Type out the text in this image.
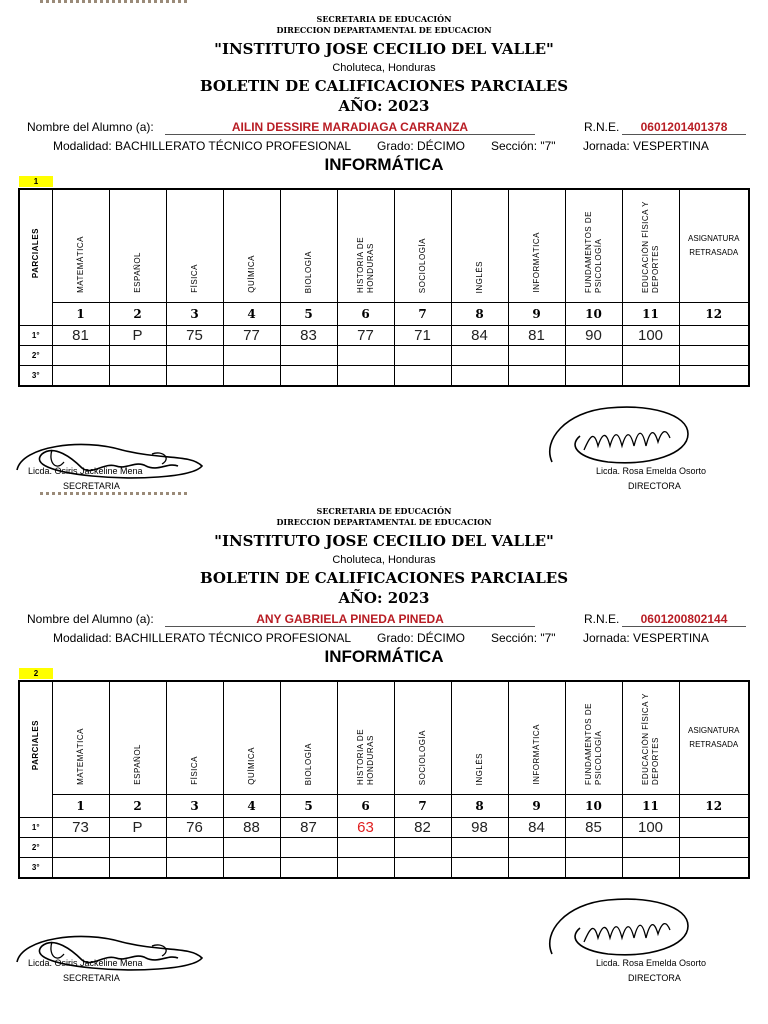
SECRETARIA DE EDUCACIÓN
DIRECCION DEPARTAMENTAL DE EDUCACION
"INSTITUTO JOSE CECILIO DEL VALLE"
Choluteca, Honduras
BOLETIN DE CALIFICACIONES PARCIALES
AÑO: 2023
Nombre del Alumno (a):	AILIN DESSIRE MARADIAGA CARRANZA	R.N.E.	0601201401378
Modalidad: BACHILLERATO TÉCNICO PROFESIONAL Grado: DÉCIMO Sección: "7" Jornada: VESPERTINA
INFORMÁTICA
1
PARCIALES	MATEMÁTICA	ESPAÑOL	FÍSICA	QUÍMICA	BIOLOGÍA	HISTORIA DE HONDURAS	SOCIOLOGÍA	INGLÉS	INFORMÁTICA	FUNDAMENTOS DE PSICOLOGÍA	EDUCACIÓN FÍSICA Y DEPORTES	ASIGNATURA RETRASADA
	1	2	3	4	5	6	7	8	9	10	11	12
1°	81	P	75	77	83	77	71	84	81	90	100	
2°												
3°												
Licda. Osiris Jackeline Mena
SECRETARIA
Licda. Rosa Emelda Osorto
DIRECTORA
SECRETARIA DE EDUCACIÓN
DIRECCION DEPARTAMENTAL DE EDUCACION
"INSTITUTO JOSE CECILIO DEL VALLE"
Choluteca, Honduras
BOLETIN DE CALIFICACIONES PARCIALES
AÑO: 2023
Nombre del Alumno (a):	ANY GABRIELA PINEDA PINEDA	R.N.E.	0601200802144
Modalidad: BACHILLERATO TÉCNICO PROFESIONAL Grado: DÉCIMO Sección: "7" Jornada: VESPERTINA
INFORMÁTICA
2
PARCIALES	MATEMÁTICA	ESPAÑOL	FÍSICA	QUÍMICA	BIOLOGÍA	HISTORIA DE HONDURAS	SOCIOLOGÍA	INGLÉS	INFORMÁTICA	FUNDAMENTOS DE PSICOLOGÍA	EDUCACIÓN FÍSICA Y DEPORTES	ASIGNATURA RETRASADA
	1	2	3	4	5	6	7	8	9	10	11	12
1°	73	P	76	88	87	63	82	98	84	85	100	
2°												
3°												
Licda. Osiris Jackeline Mena
SECRETARIA
Licda. Rosa Emelda Osorto
DIRECTORA
